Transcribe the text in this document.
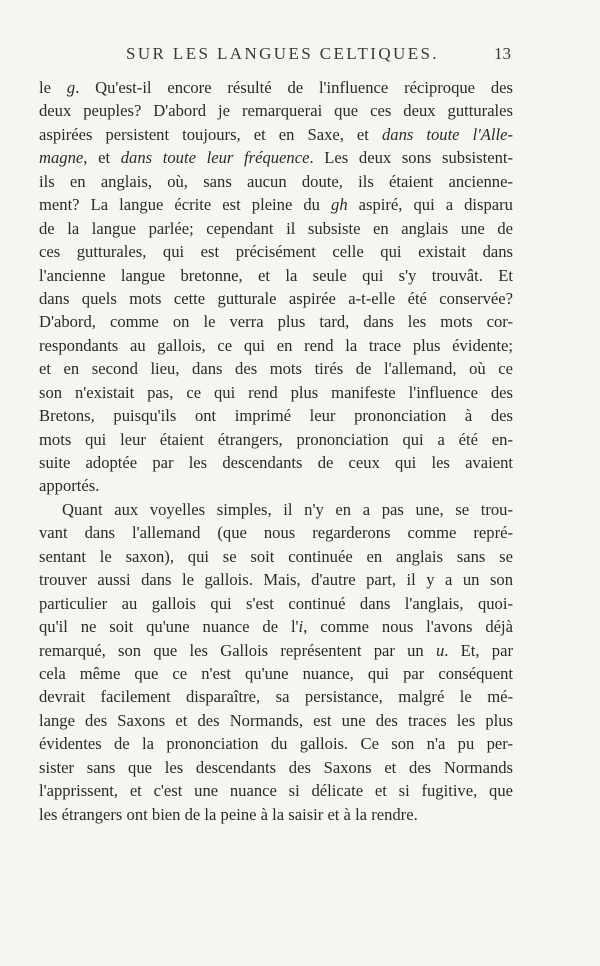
SUR LES LANGUES CELTIQUES.	13
le g. Qu'est-il encore résulté de l'influence réciproque des
deux peuples? D'abord je remarquerai que ces deux gutturales
aspirées persistent toujours, et en Saxe, et dans toute l'Alle-
magne, et dans toute leur fréquence. Les deux sons subsistent-
ils en anglais, où, sans aucun doute, ils étaient ancienne-
ment? La langue écrite est pleine du gh aspiré, qui a disparu
de la langue parlée; cependant il subsiste en anglais une de
ces gutturales, qui est précisément celle qui existait dans
l'ancienne langue bretonne, et la seule qui s'y trouvât. Et
dans quels mots cette gutturale aspirée a-t-elle été conservée?
D'abord, comme on le verra plus tard, dans les mots cor-
respondants au gallois, ce qui en rend la trace plus évidente;
et en second lieu, dans des mots tirés de l'allemand, où ce
son n'existait pas, ce qui rend plus manifeste l'influence des
Bretons, puisqu'ils ont imprimé leur prononciation à des
mots qui leur étaient étrangers, prononciation qui a été en-
suite adoptée par les descendants de ceux qui les avaient
apportés.
Quant aux voyelles simples, il n'y en a pas une, se trou-
vant dans l'allemand (que nous regarderons comme repré-
sentant le saxon), qui se soit continuée en anglais sans se
trouver aussi dans le gallois. Mais, d'autre part, il y a un son
particulier au gallois qui s'est continué dans l'anglais, quoi-
qu'il ne soit qu'une nuance de l'i, comme nous l'avons déjà
remarqué, son que les Gallois représentent par un u. Et, par
cela même que ce n'est qu'une nuance, qui par conséquent
devrait facilement disparaître, sa persistance, malgré le mé-
lange des Saxons et des Normands, est une des traces les plus
évidentes de la prononciation du gallois. Ce son n'a pu per-
sister sans que les descendants des Saxons et des Normands
l'apprissent, et c'est une nuance si délicate et si fugitive, que
les étrangers ont bien de la peine à la saisir et à la rendre.
